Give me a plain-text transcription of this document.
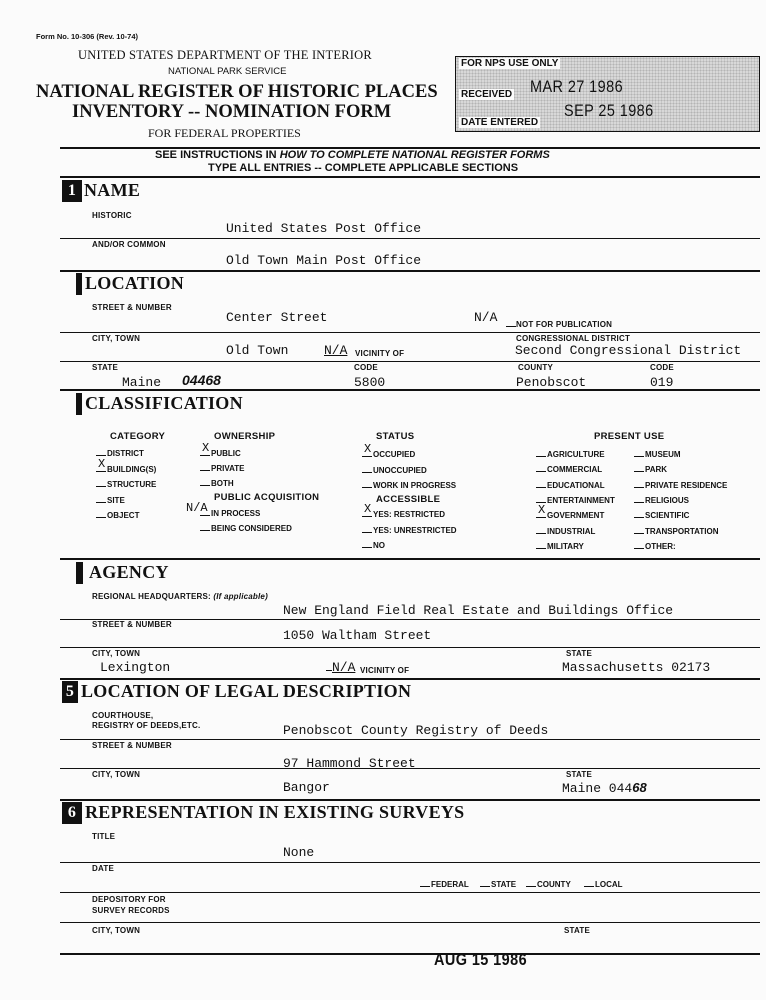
Form No. 10-306 (Rev. 10-74)
UNITED STATES DEPARTMENT OF THE INTERIOR
NATIONAL PARK SERVICE
NATIONAL REGISTER OF HISTORIC PLACES
INVENTORY -- NOMINATION FORM
FOR FEDERAL PROPERTIES
FOR NPS USE ONLY
RECEIVED MAR 27 1986
SEP 25 1986
DATE ENTERED
SEE INSTRUCTIONS IN HOW TO COMPLETE NATIONAL REGISTER FORMS
TYPE ALL ENTRIES -- COMPLETE APPLICABLE SECTIONS
1 NAME
HISTORIC
United States Post Office
AND/OR COMMON
Old Town Main Post Office
2 LOCATION
STREET & NUMBER
Center Street	N/A	NOT FOR PUBLICATION
CITY, TOWN	CONGRESSIONAL DISTRICT
Old Town	N/A VICINITY OF	Second Congressional District
STATE	CODE	COUNTY	CODE
Maine 04468	5800	Penobscot	019
3 CLASSIFICATION
CATEGORY
DISTRICT
X BUILDING(S)
STRUCTURE
SITE
OBJECT
OWNERSHIP
X PUBLIC
PRIVATE
BOTH
PUBLIC ACQUISITION
N/A IN PROCESS
BEING CONSIDERED
STATUS
X OCCUPIED
UNOCCUPIED
WORK IN PROGRESS
ACCESSIBLE
X YES: RESTRICTED
YES: UNRESTRICTED
NO
PRESENT USE
AGRICULTURE
COMMERCIAL
EDUCATIONAL
ENTERTAINMENT
X GOVERNMENT
INDUSTRIAL
MILITARY
MUSEUM
PARK
PRIVATE RESIDENCE
RELIGIOUS
SCIENTIFIC
TRANSPORTATION
OTHER:
4 AGENCY
REGIONAL HEADQUARTERS: (If applicable)
New England Field Real Estate and Buildings Office
STREET & NUMBER
1050 Waltham Street
CITY, TOWN	STATE
Lexington	N/A VICINITY OF	Massachusetts 02173
5 LOCATION OF LEGAL DESCRIPTION
COURTHOUSE,
REGISTRY OF DEEDS,ETC.	Penobscot County Registry of Deeds
STREET & NUMBER
97 Hammond Street
CITY, TOWN	STATE
Bangor	Maine 04468
6 REPRESENTATION IN EXISTING SURVEYS
TITLE
None
DATE
FEDERAL	STATE	COUNTY	LOCAL
DEPOSITORY FOR
SURVEY RECORDS
CITY, TOWN	STATE
AUG 15 1986
